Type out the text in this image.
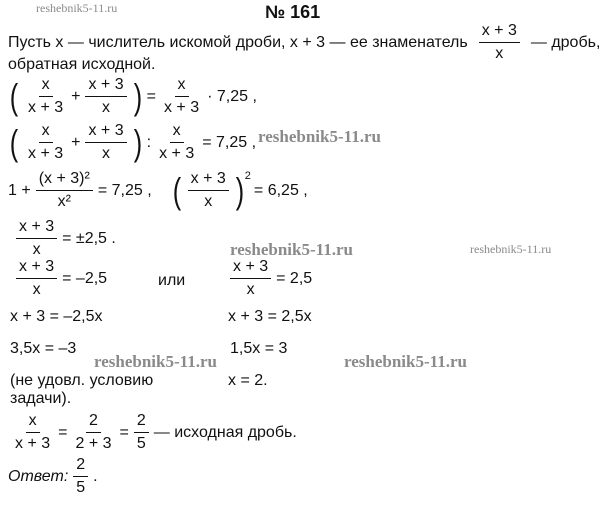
reshebnik5-11.ru	№ 161
Пусть x — числитель искомой дроби, x + 3 — ее знаменатель $\frac{x + 3}{x}$ — дробь,
обратная исходной.
( $\frac{x}{x + 3} + \frac{x + 3}{x}$ ) = $\frac{x}{x + 3} \cdot 7,25$ ,
( $\frac{x}{x + 3} + \frac{x + 3}{x}$ ) : $\frac{x}{x + 3} = 7,25$ , reshebnik5-11.ru
$1 + \frac{\text{(x + 3)²}}{\text{x²}} = 7,25$ , ( $\frac{x + 3}{x} )^2$
= 6,25 ,
$\frac{x + 3}{x} = \pm 2,5$ .
reshebnik5-11.ru	reshebnik5-11.ru
$\frac{x + 3}{x} = -2,5$	или
x + 3 = –2,5x
3,5x = –3
(не удовл. условию
задачи).
$\frac{x + 3}{x} = 2,5$
x + 3 = 2,5x
1,5x = 3
x = 2.
reshebnik5-11.ru	reshebnik5-11.ru
$\frac{x}{x + 3} = \frac{2}{2 + 3} = \frac{2}{5}$ — исходная дробь.
Ответ: $\frac{2}{5}$ .
